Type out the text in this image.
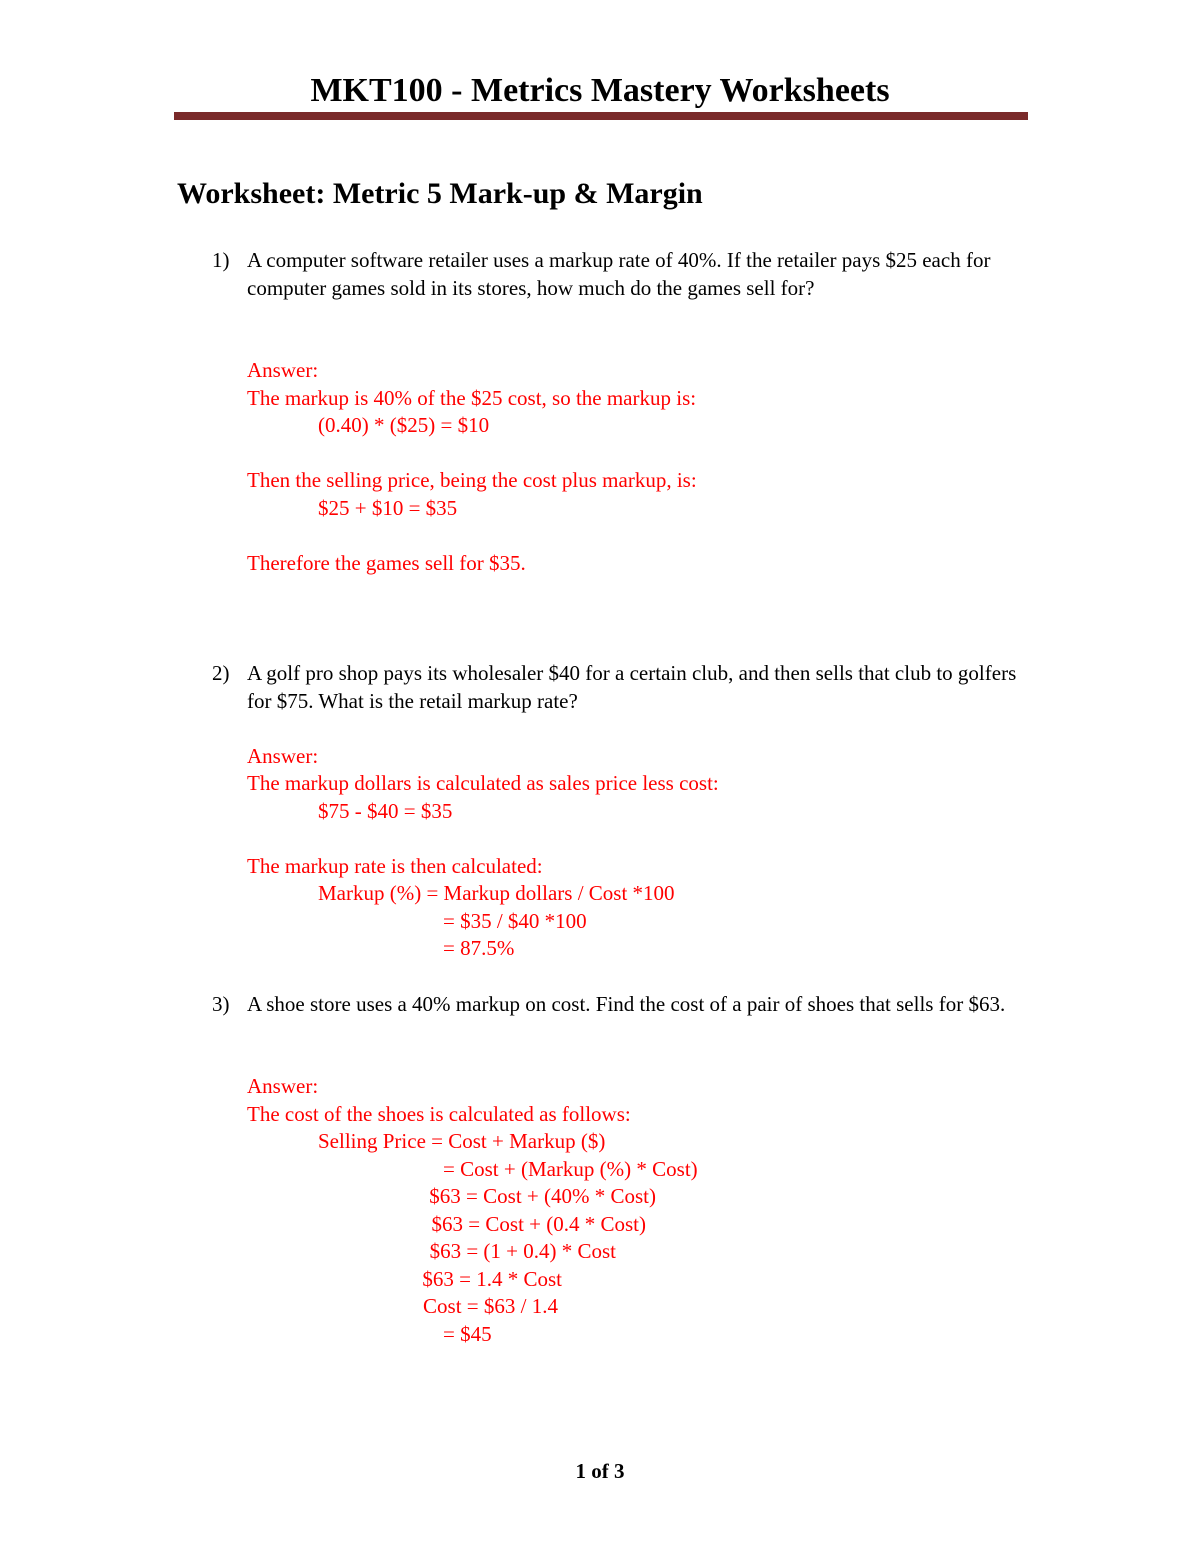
MKT100 - Metrics Mastery Worksheets
Worksheet: Metric 5 Mark-up & Margin
1) A computer software retailer uses a markup rate of 40%. If the retailer pays $25 each for computer games sold in its stores, how much do the games sell for?
Answer:
The markup is 40% of the $25 cost, so the markup is:
(0.40) * ($25) = $10
Then the selling price, being the cost plus markup, is:
$25 + $10 = $35
Therefore the games sell for $35.
2) A golf pro shop pays its wholesaler $40 for a certain club, and then sells that club to golfers for $75. What is the retail markup rate?
Answer:
The markup dollars is calculated as sales price less cost:
$75 - $40 = $35
The markup rate is then calculated:
Markup (%) = Markup dollars / Cost *100
= $35 / $40 *100
= 87.5%
3) A shoe store uses a 40% markup on cost. Find the cost of a pair of shoes that sells for $63.
Answer:
The cost of the shoes is calculated as follows:
Selling Price = Cost + Markup ($)
= Cost + (Markup (%) * Cost)
$63 = Cost + (40% * Cost)
$63 = Cost + (0.4 * Cost)
$63 = (1 + 0.4) * Cost
$63 = 1.4 * Cost
Cost = $63 / 1.4
= $45
1 of 3
